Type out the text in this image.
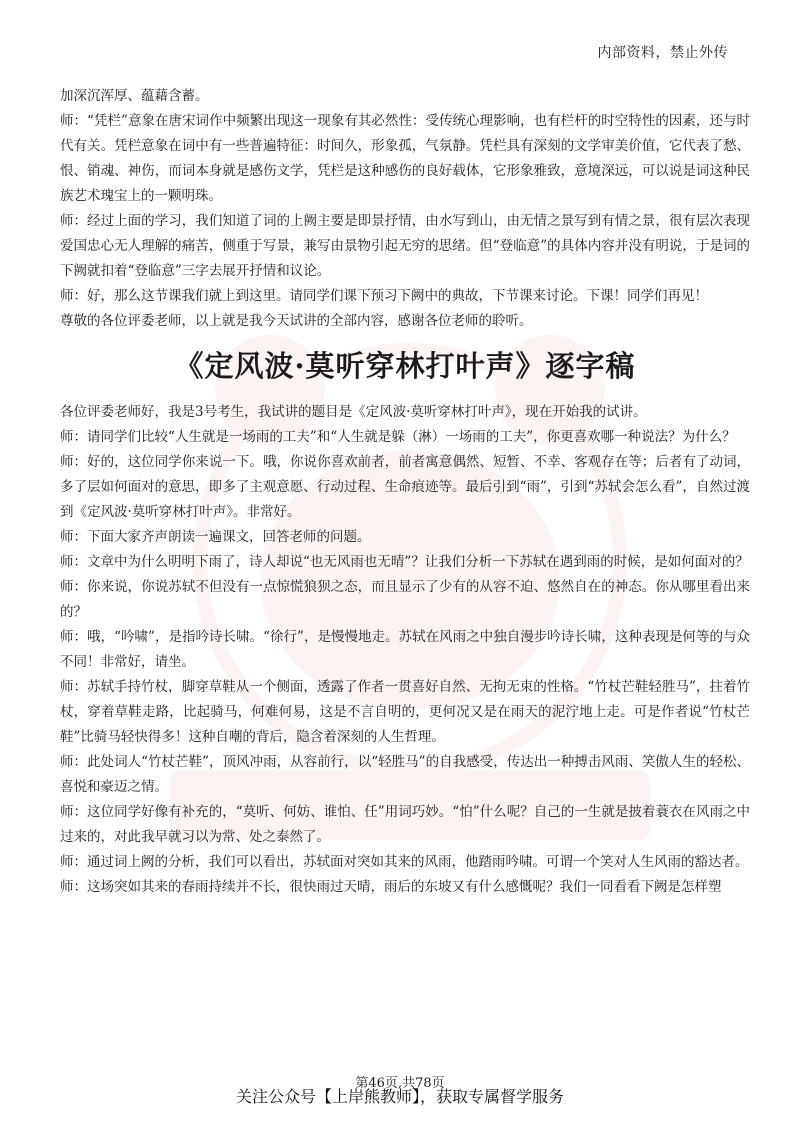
内部资料，禁止外传

加深沉浑厚、蕴藉含蓄。

师：“凭栏”意象在唐宋词作中频繁出现这一现象有其必然性：受传统心理影响，也有栏杆的时空特性的因素，还与时代有关。凭栏意象在词中有一些普遍特征：时间久，形象孤，气氛静。凭栏具有深刻的文学审美价值，它代表了愁、恨、销魂、神伤，而词本身就是感伤文学，凭栏是这种感伤的良好载体，它形象雅致，意境深远，可以说是词这种民族艺术瑰宝上的一颗明珠。

师：经过上面的学习，我们知道了词的上阙主要是即景抒情，由水写到山，由无情之景写到有情之景，很有层次表现爱国忠心无人理解的痛苦，侧重于写景，兼写由景物引起无穷的思绪。但“登临意”的具体内容并没有明说，于是词的下阙就扣着“登临意”三字去展开抒情和议论。

师：好，那么这节课我们就上到这里。请同学们课下预习下阙中的典故，下节课来讨论。下课！同学们再见！

尊敬的各位评委老师，以上就是我今天试讲的全部内容，感谢各位老师的聆听。

《定风波·莫听穿林打叶声》逐字稿

各位评委老师好，我是3号考生，我试讲的题目是《定风波·莫听穿林打叶声》，现在开始我的试讲。

师：请同学们比较“人生就是一场雨的工夫”和“人生就是躲（淋）一场雨的工夫”，你更喜欢哪一种说法？为什么？

师：好的，这位同学你来说一下。哦，你说你喜欢前者，前者寓意偶然、短暂、不幸、客观存在等；后者有了动词，多了层如何面对的意思，即多了主观意愿、行动过程、生命痕迹等。最后引到“雨”，引到“苏轼会怎么看”，自然过渡到《定风波·莫听穿林打叶声》。非常好。

师：下面大家齐声朗读一遍课文，回答老师的问题。

师：文章中为什么明明下雨了，诗人却说“也无风雨也无晴”？让我们分析一下苏轼在遇到雨的时候，是如何面对的？

师：你来说，你说苏轼不但没有一点惊慌狼狈之态，而且显示了少有的从容不迫、悠然自在的神态。你从哪里看出来的？

师：哦，“吟啸”，是指吟诗长啸。“徐行”，是慢慢地走。苏轼在风雨之中独自漫步吟诗长啸，这种表现是何等的与众不同！非常好，请坐。

师：苏轼手持竹杖，脚穿草鞋从一个侧面，透露了作者一贯喜好自然、无拘无束的性格。“竹杖芒鞋轻胜马”，拄着竹杖，穿着草鞋走路，比起骑马，何难何易，这是不言自明的，更何况又是在雨天的泥泞地上走。可是作者说“竹杖芒鞋”比骑马轻快得多！这种自嘲的背后，隐含着深刻的人生哲理。

师：此处词人“竹杖芒鞋”，顶风冲雨，从容前行，以“轻胜马”的自我感受，传达出一种搏击风雨、笑傲人生的轻松、喜悦和豪迈之情。

师：这位同学好像有补充的，“莫听、何妨、谁怕、任”用词巧妙。“怕”什么呢？自己的一生就是披着蓑衣在风雨之中过来的，对此我早就习以为常、处之泰然了。

师：通过词上阙的分析，我们可以看出，苏轼面对突如其来的风雨，他踏雨吟啸。可谓一个笑对人生风雨的豁达者。

师：这场突如其来的春雨持续并不长，很快雨过天晴，雨后的东坡又有什么感慨呢？我们一同看看下阙是怎样塑

第46页,共78页
关注公众号【上岸熊教师】，获取专属督学服务
